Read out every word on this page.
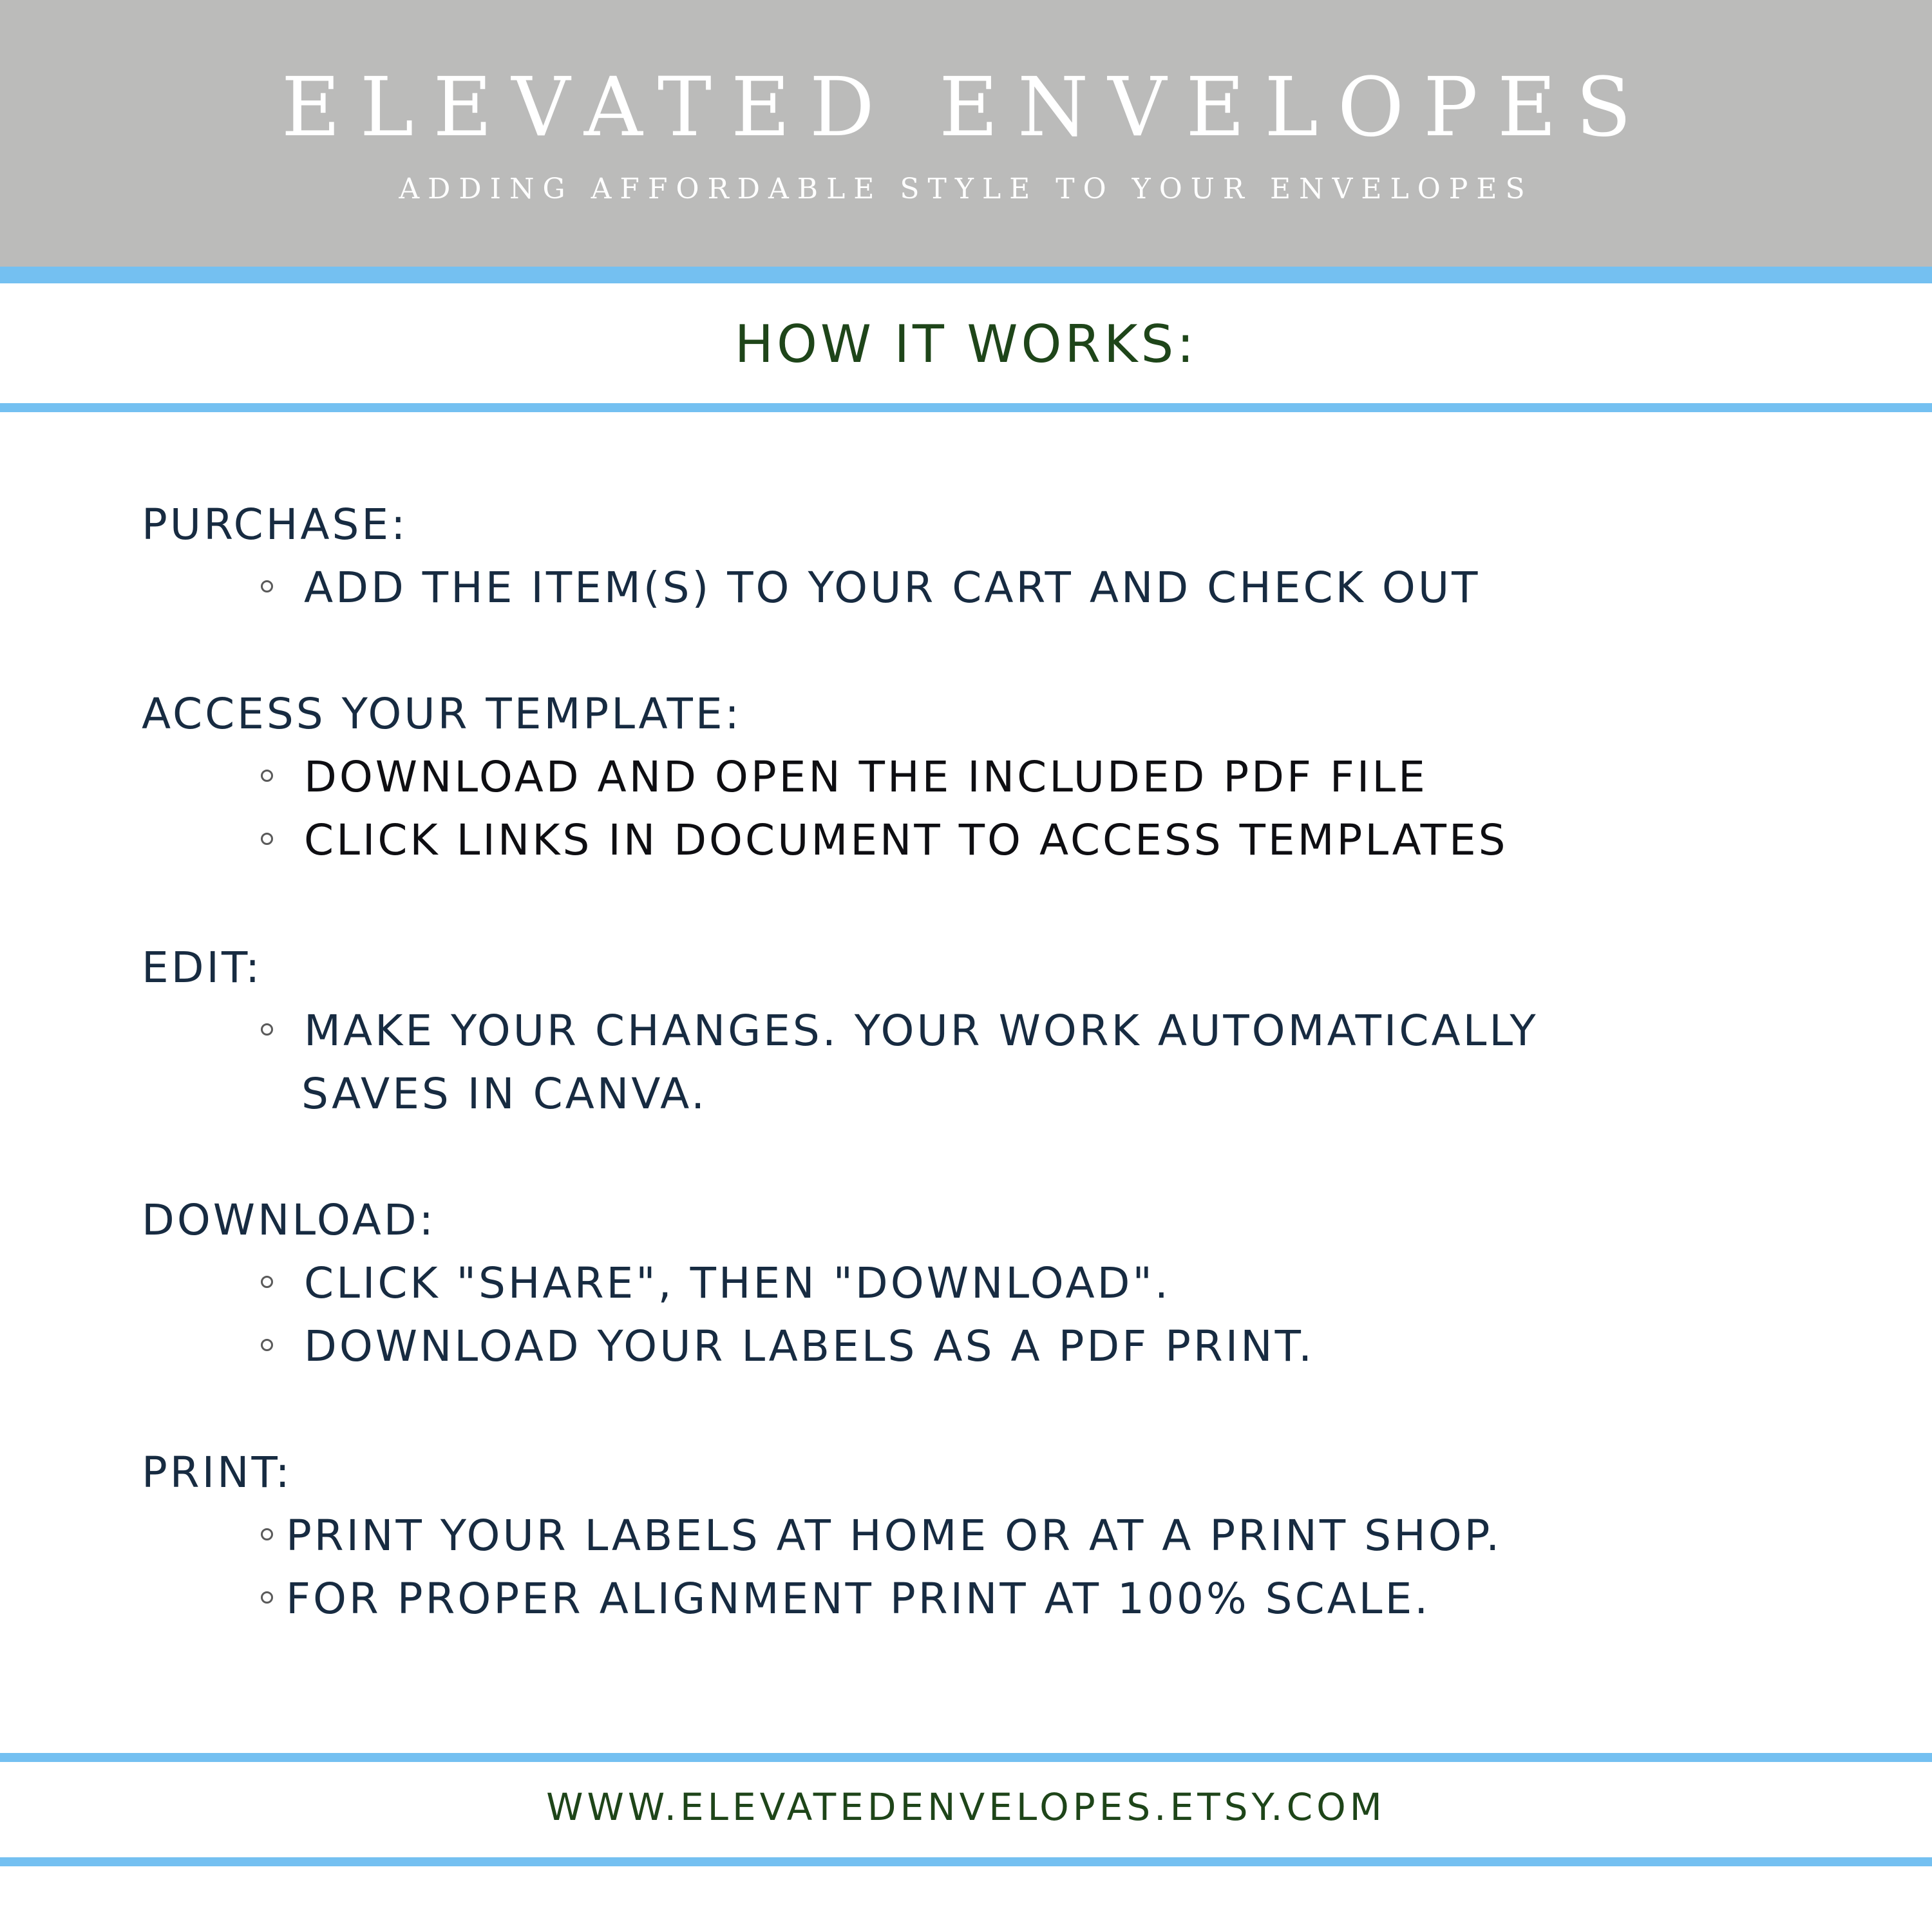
ELEVATED ENVELOPES
ADDING AFFORDABLE STYLE TO YOUR ENVELOPES
HOW IT WORKS:
PURCHASE:
ADD THE ITEM(S) TO YOUR CART AND CHECK OUT
ACCESS YOUR TEMPLATE:
DOWNLOAD AND OPEN THE INCLUDED PDF FILE
CLICK LINKS IN DOCUMENT TO ACCESS TEMPLATES
EDIT:
MAKE YOUR CHANGES. YOUR WORK AUTOMATICALLY
SAVES IN CANVA.
DOWNLOAD:
CLICK "SHARE", THEN "DOWNLOAD".
DOWNLOAD YOUR LABELS AS A PDF PRINT.
PRINT:
PRINT YOUR LABELS AT HOME OR AT A PRINT SHOP.
FOR PROPER ALIGNMENT PRINT AT 100% SCALE.
WWW.ELEVATEDENVELOPES.ETSY.COM
